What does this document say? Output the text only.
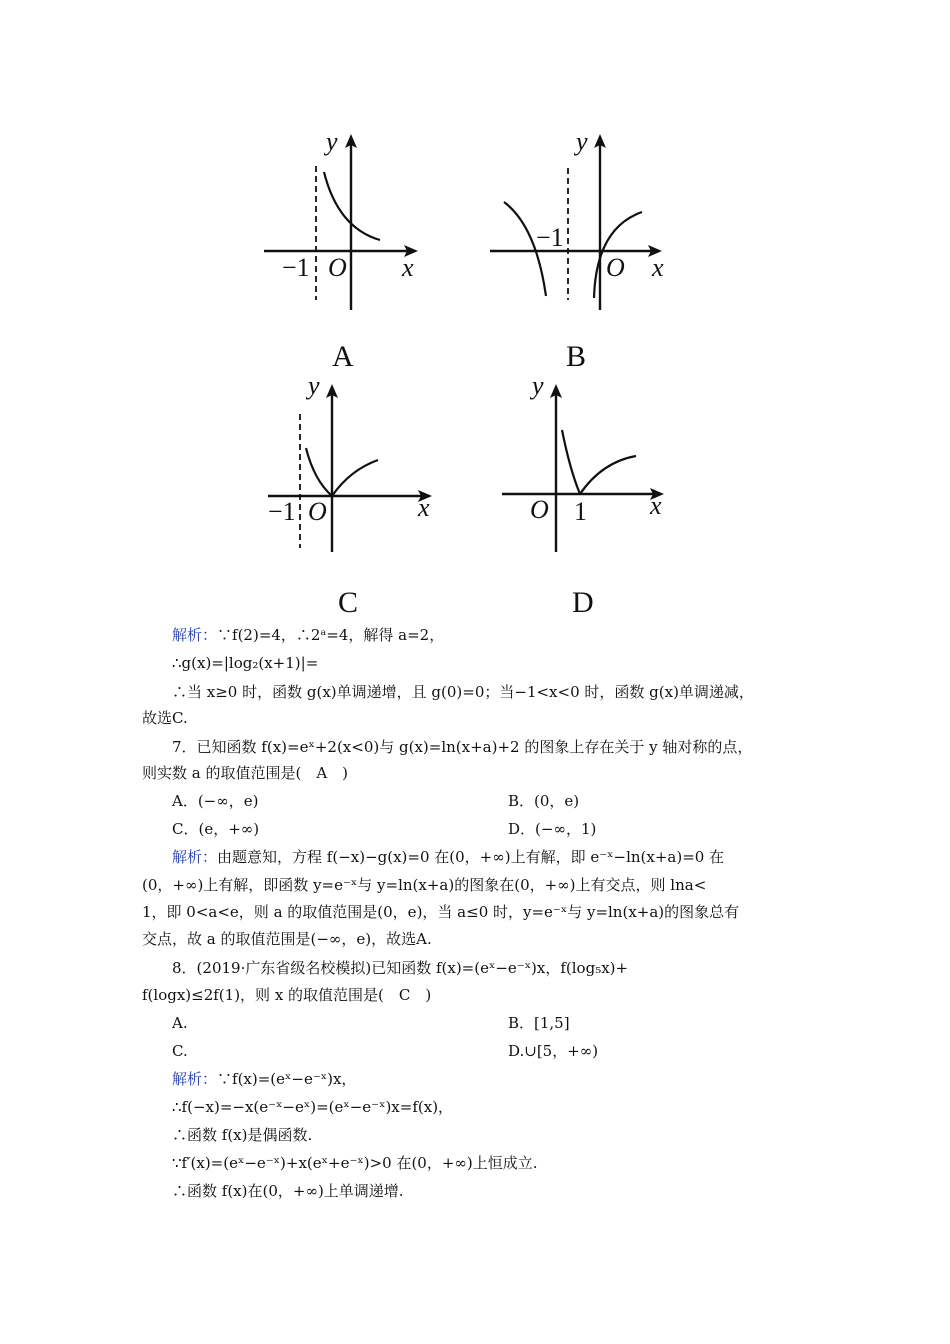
y
x
O
−1
A
y
x
O
−1
B
y
x
O
−1
C
y
x
O 1
D
解析：∵f(2)=4，∴2ᵃ=4，解得 a=2，
∴g(x)=|log₂(x+1)|=
∴当 x≥0 时，函数 g(x)单调递增，且 g(0)=0；当−1<x<0 时，函数 g(x)单调递减，
故选C.
7．已知函数 f(x)=eˣ+2(x<0)与 g(x)=ln(x+a)+2 的图象上存在关于 y 轴对称的点，
则实数 a 的取值范围是(　A　)
A．(−∞，e)	B．(0，e)
C．(e，+∞)	D．(−∞，1)
解析：由题意知，方程 f(−x)−g(x)=0 在(0，+∞)上有解，即 e⁻ˣ−ln(x+a)=0 在
(0，+∞)上有解，即函数 y=e⁻ˣ与 y=ln(x+a)的图象在(0，+∞)上有交点，则 lna<
1，即 0<a<e，则 a 的取值范围是(0，e)，当 a≤0 时，y=e⁻ˣ与 y=ln(x+a)的图象总有
交点，故 a 的取值范围是(−∞，e)，故选A.
8．(2019·广东省级名校模拟)已知函数 f(x)=(eˣ−e⁻ˣ)x，f(log₅x)+
f(logx)≤2f(1)，则 x 的取值范围是(　C　)
A.	B．[1,5]
C.	D.∪[5，+∞)
解析：∵f(x)=(eˣ−e⁻ˣ)x，
∴f(−x)=−x(e⁻ˣ−eˣ)=(eˣ−e⁻ˣ)x=f(x)，
∴函数 f(x)是偶函数.
∵f′(x)=(eˣ−e⁻ˣ)+x(eˣ+e⁻ˣ)>0 在(0，+∞)上恒成立.
∴函数 f(x)在(0，+∞)上单调递增.
